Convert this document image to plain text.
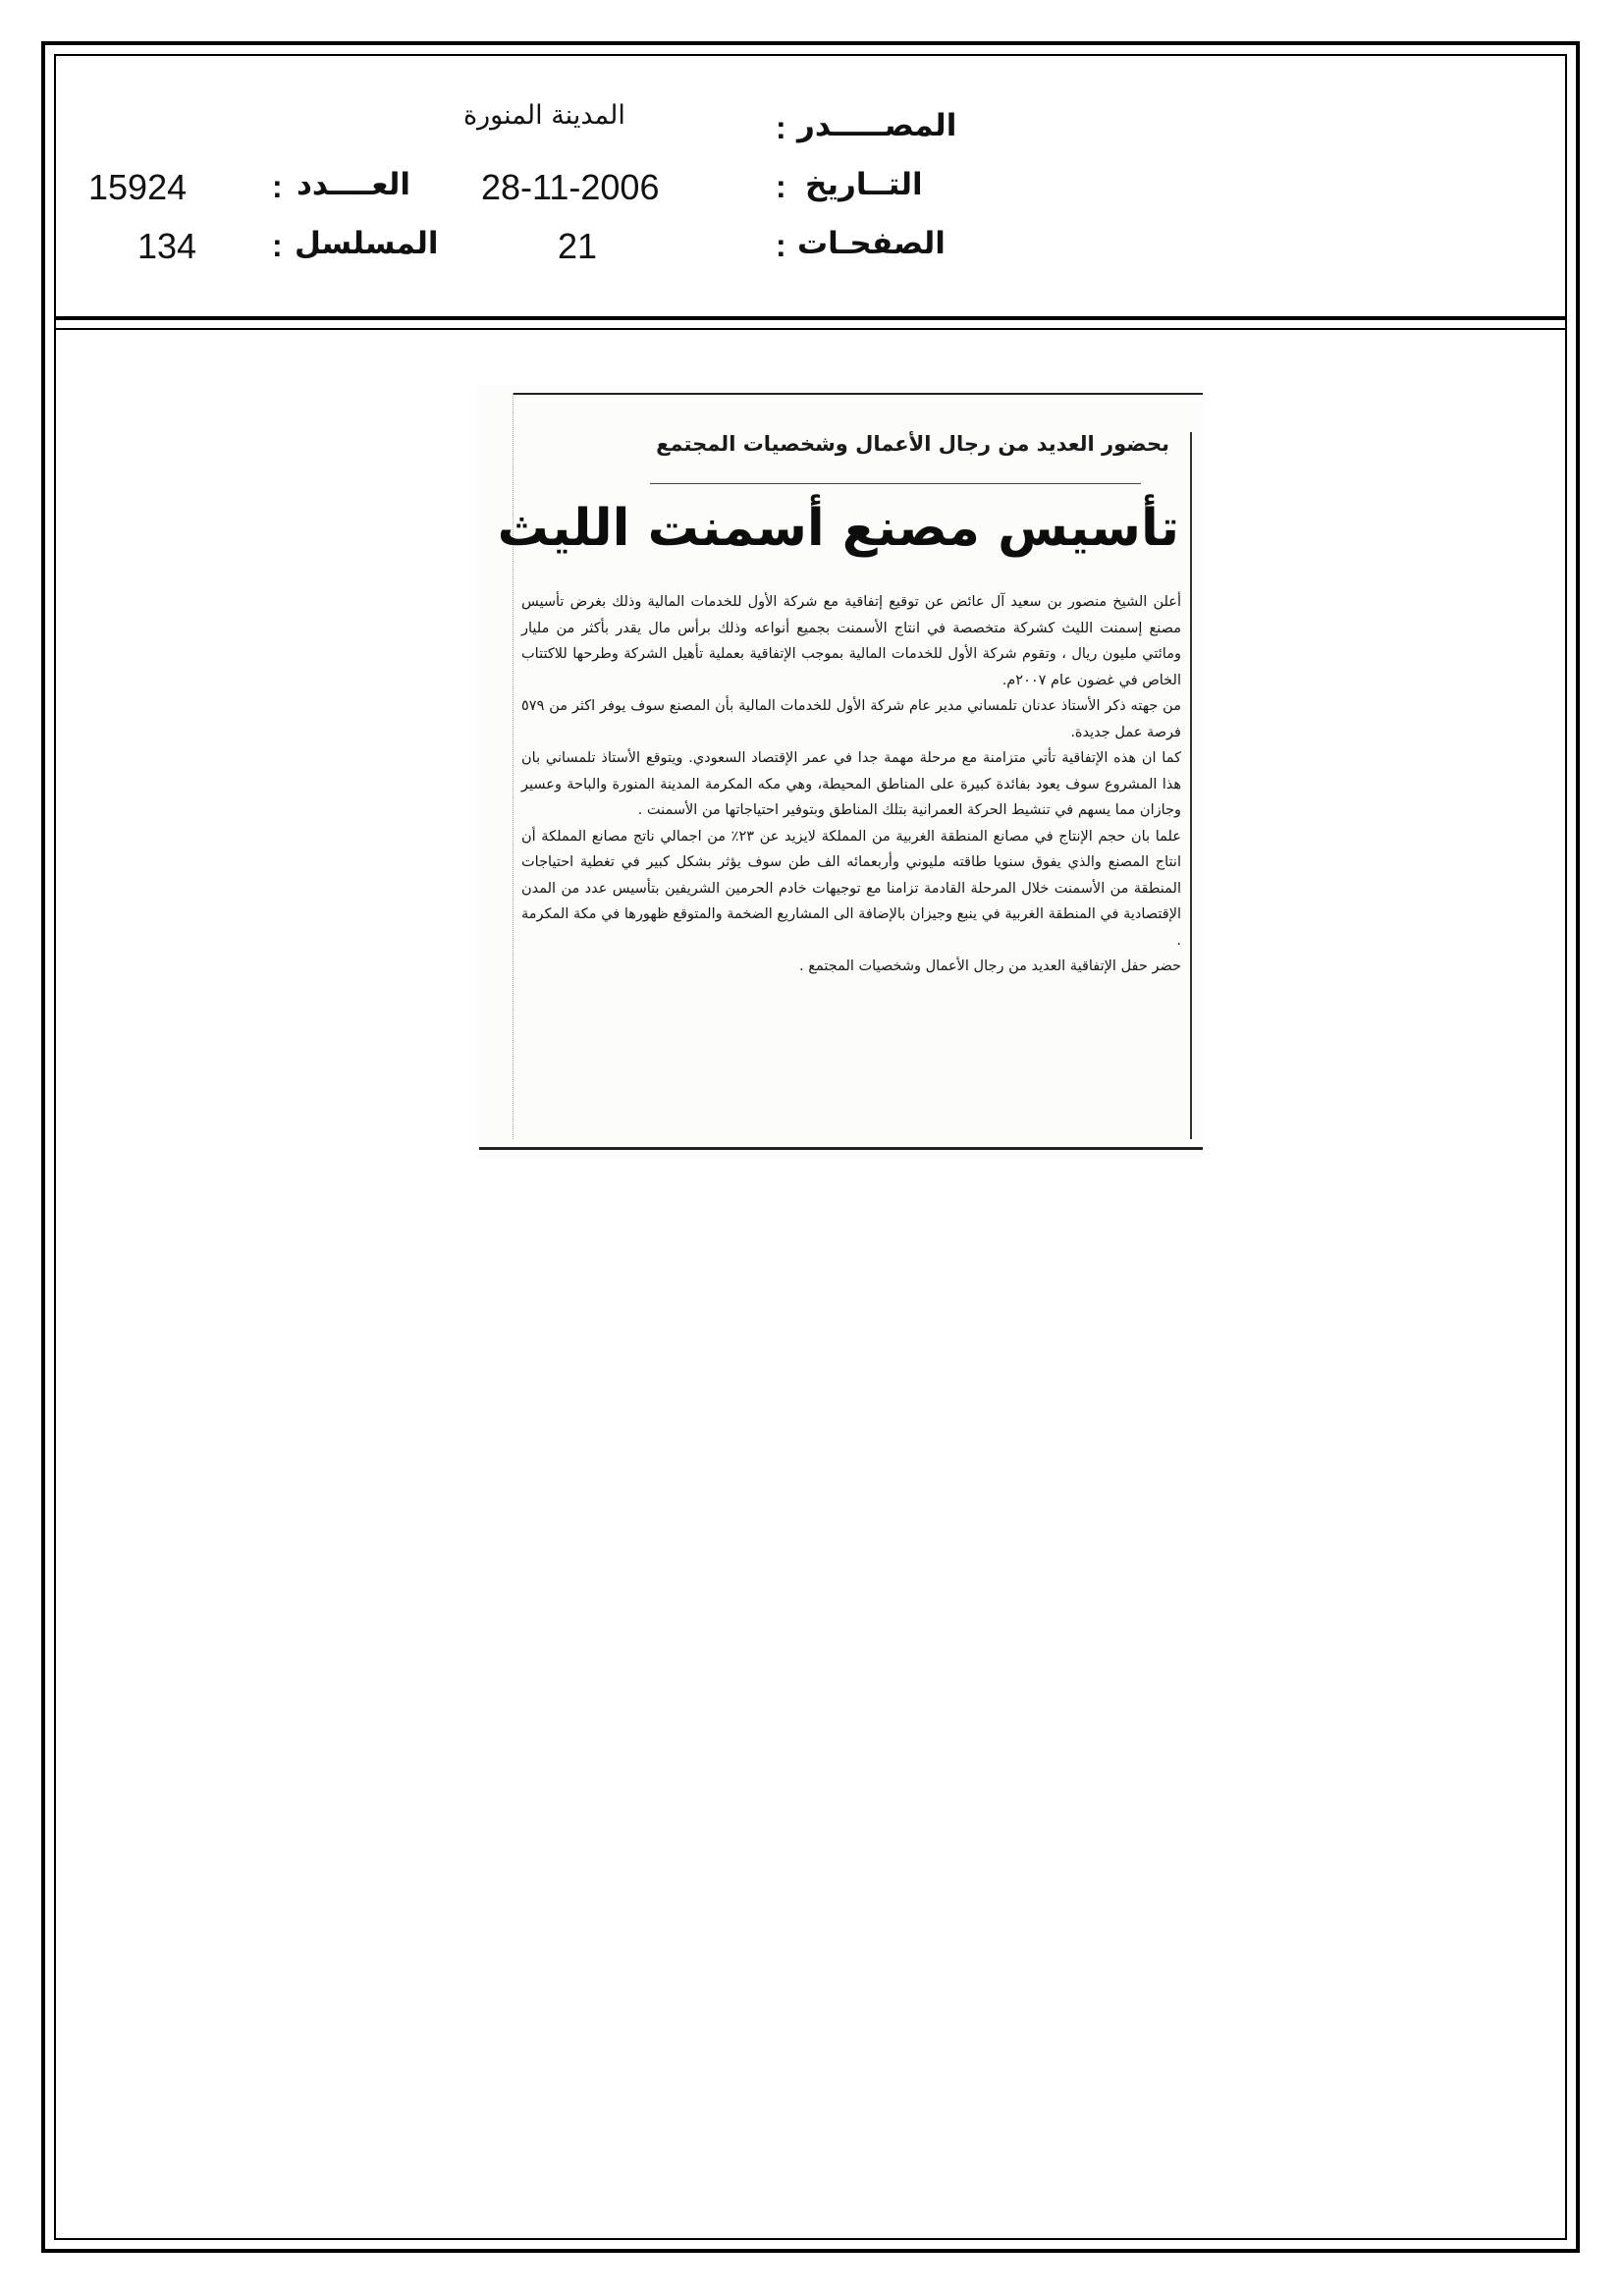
المصـــــدر
:
المدينة المنورة
التــاريخ
:
28-11-2006
العــــدد
:
15924
الصفحـات
:
21
المسلسل
:
134
بحضور العديد من رجال الأعمال وشخصيات المجتمع
تأسيس مصنع أسمنت الليث

أعلن الشيخ منصور بن سعيد آل عائض عن توقيع إتفاقية مع شركة الأول للخدمات المالية وذلك بغرض تأسيس مصنع إسمنت الليث كشركة متخصصة في انتاج الأسمنت بجميع أنواعه وذلك برأس مال يقدر بأكثر من مليار ومائتي مليون ريال ، وتقوم شركة الأول للخدمات المالية بموجب الإتفاقية بعملية تأهيل الشركة وطرحها للاكتتاب الخاص في غضون عام ٢٠٠٧م.

من جهته ذكر الأستاذ عدنان تلمساني مدير عام شركة الأول للخدمات المالية بأن المصنع سوف يوفر اكثر من ٥٧٩ فرصة عمل جديدة.

كما ان هذه الإتفاقية تأتي متزامنة مع مرحلة مهمة جدا في عمر الإقتصاد السعودي. ويتوقع الأستاذ تلمساني بان هذا المشروع سوف يعود بفائدة كبيرة على المناطق المحيطة، وهي مكه المكرمة المدينة المنورة والباحة وعسير وجازان مما يسهم في تنشيط الحركة العمرانية بتلك المناطق وبتوفير احتياجاتها من الأسمنت .

علما بان حجم الإنتاج في مصانع المنطقة الغربية من المملكة لايزيد عن ٢٣٪ من اجمالي ناتج مصانع المملكة أن انتاج المصنع والذي يفوق سنويا طاقته مليوني وأربعمائه الف طن سوف يؤثر بشكل كبير في تغطية احتياجات المنطقة من الأسمنت خلال المرحلة القادمة تزامنا مع توجيهات خادم الحرمين الشريفين بتأسيس عدد من المدن الإقتصادية في المنطقة الغربية في ينبع وجيزان بالإضافة الى المشاريع الضخمة والمتوقع ظهورها في مكة المكرمة .

حضر حفل الإتفاقية العديد من رجال الأعمال وشخصيات المجتمع .
